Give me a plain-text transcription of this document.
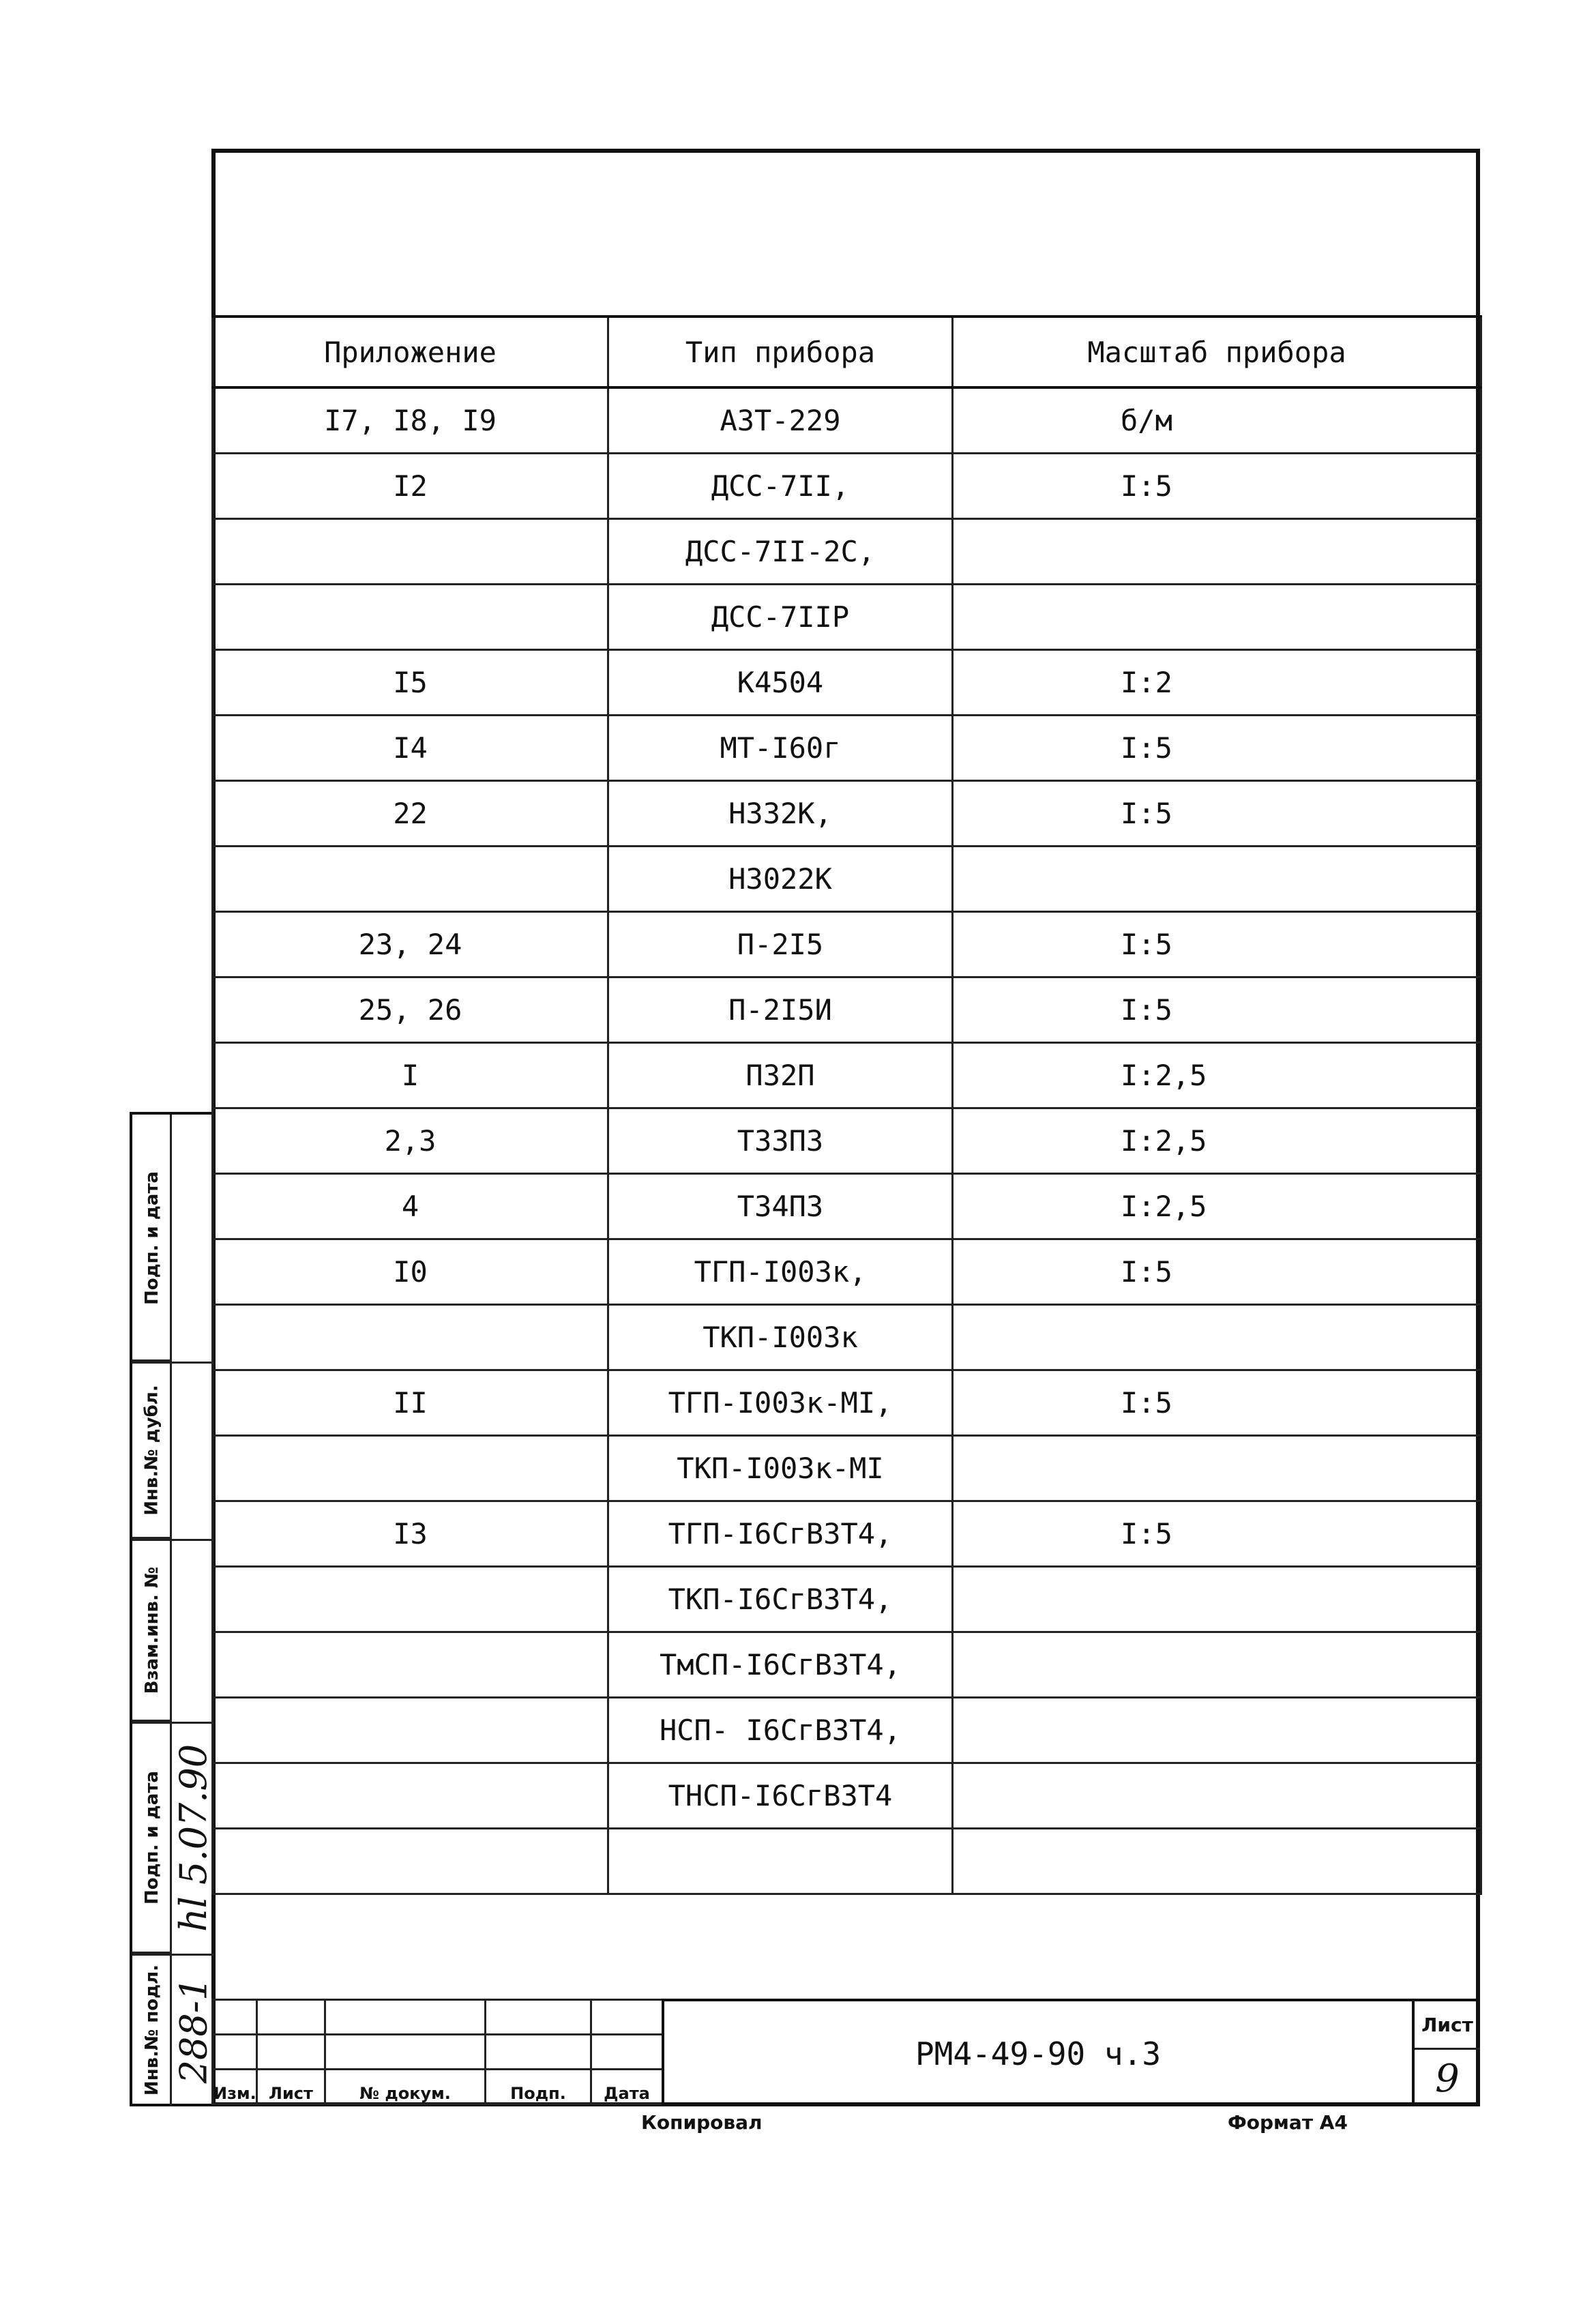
Приложение	Тип прибора	Масштаб прибора
I7, I8, I9	АЗТ-229	б/м
I2	ДСС-7II,	I:5
	ДСС-7II-2С,	
	ДСС-7IIР	
I5	К4504	I:2
I4	МТ-I60г	I:5
22	Н332К,	I:5
	Н3022К	
23, 24	П-2I5	I:5
25, 26	П-2I5И	I:5
I	П32П	I:2,5
2,3	Т33П3	I:2,5
4	Т34П3	I:2,5
I0	ТГП-I003к,	I:5
	ТКП-I003к	
II	ТГП-I003к-МI,	I:5
	ТКП-I003к-МI	
I3	ТГП-I6СгВ3Т4,	I:5
	ТКП-I6СгВ3Т4,	
	ТмСП-I6СгВ3Т4,	
	НСП- I6СгВ3Т4,	
	ТНСП-I6СгВ3Т4	

Подп. и дата
Инв.№ дубл.
Взам.инв. №
Подп. и дата hl 5.07.90
Инв.№ подл. 288-1

Изм.	Лист	№ докум.	Подп.	Дата
РМ4-49-90 ч.3
Лист
9
Копировал	Формат А4
